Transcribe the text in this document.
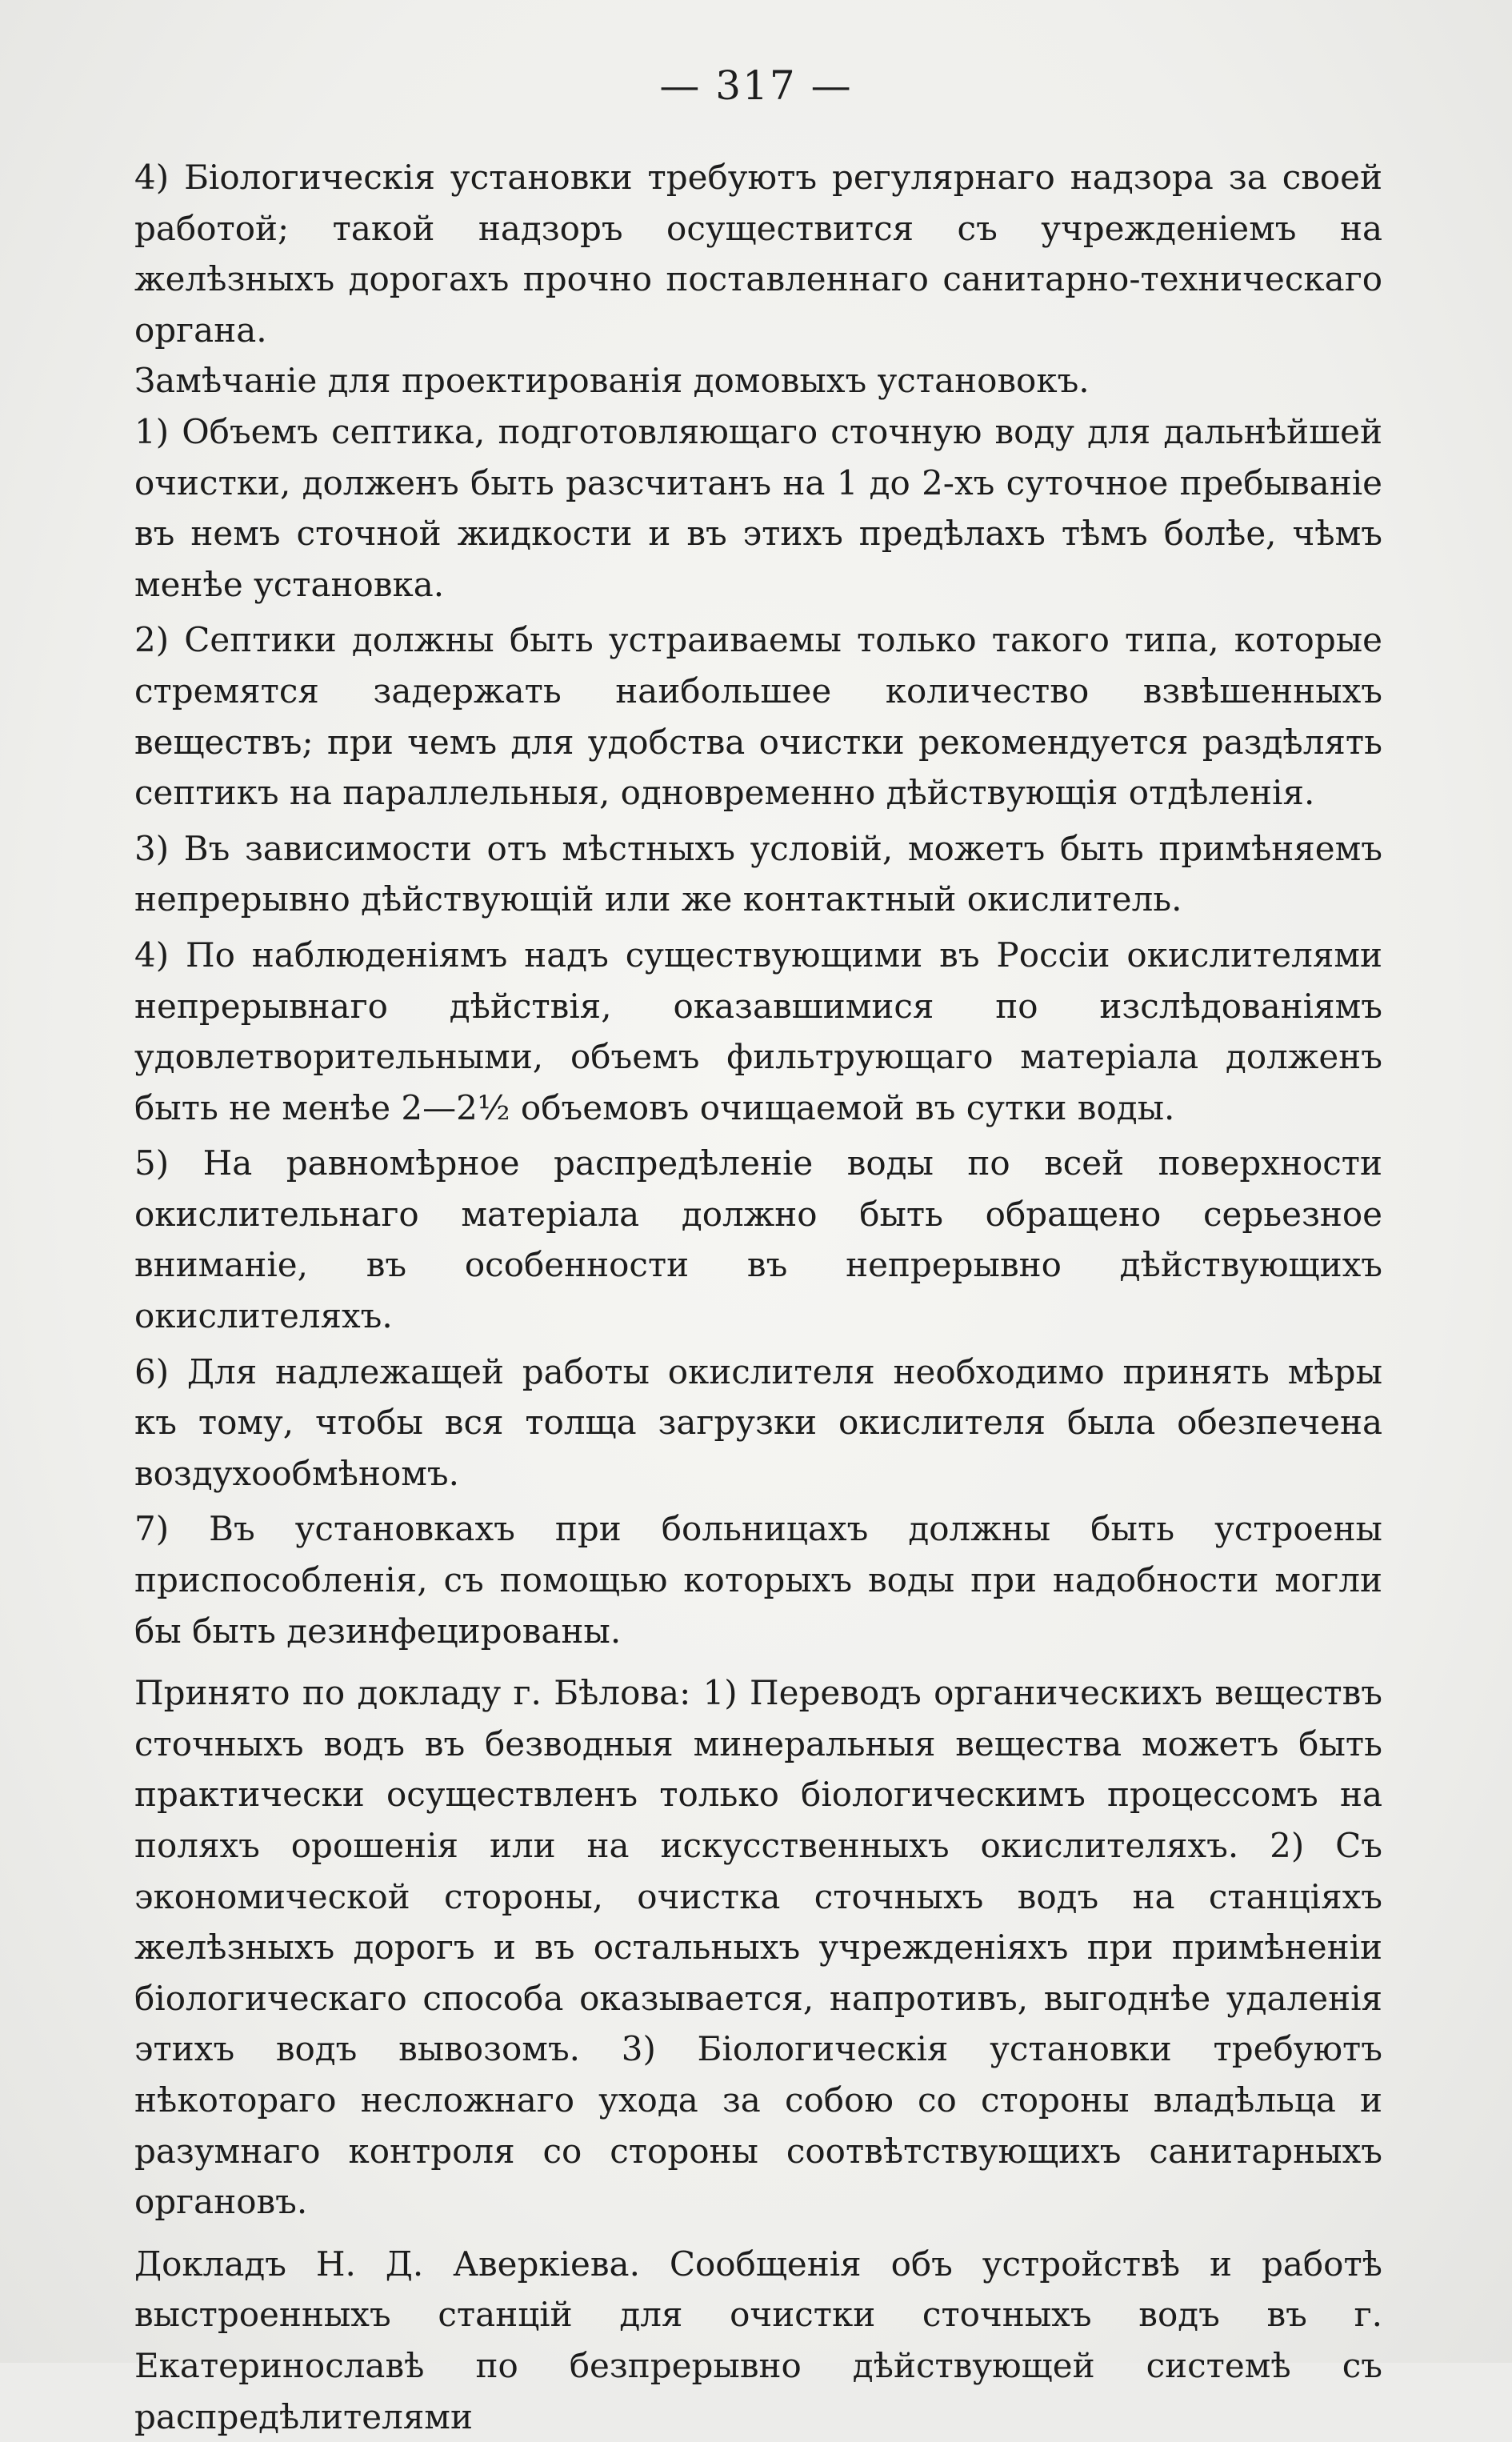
— 317 —

4) Біологическія установки требуютъ регулярнаго надзора за своей работой; такой надзоръ осуществится съ учрежденіемъ на желѣзныхъ дорогахъ прочно поставленнаго санитарно-техническаго органа.

Замѣчаніе для проектированія домовыхъ установокъ.

1) Объемъ септика, подготовляющаго сточную воду для дальнѣйшей очистки, долженъ быть разсчитанъ на 1 до 2-хъ суточное пребываніе въ немъ сточной жидкости и въ этихъ предѣлахъ тѣмъ болѣе, чѣмъ менѣе установка.

2) Септики должны быть устраиваемы только такого типа, которые стремятся задержать наибольшее количество взвѣшенныхъ веществъ; при чемъ для удобства очистки рекомендуется раздѣлять септикъ на параллельныя, одновременно дѣйствующія отдѣленія.

3) Въ зависимости отъ мѣстныхъ условій, можетъ быть примѣняемъ непрерывно дѣйствующій или же контактный окислитель.

4) По наблюденіямъ надъ существующими въ Россіи окислителями непрерывнаго дѣйствія, оказавшимися по изслѣдованіямъ удовлетворительными, объемъ фильтрующаго матеріала долженъ быть не менѣе 2—2½ объемовъ очищаемой въ сутки воды.

5) На равномѣрное распредѣленіе воды по всей поверхности окислительнаго матеріала должно быть обращено серьезное вниманіе, въ особенности въ непрерывно дѣйствующихъ окислителяхъ.

6) Для надлежащей работы окислителя необходимо принять мѣры къ тому, чтобы вся толща загрузки окислителя была обезпечена воздухообмѣномъ.

7) Въ установкахъ при больницахъ должны быть устроены приспособленія, съ помощью которыхъ воды при надобности могли бы быть дезинфецированы.

Принято по докладу г. Бѣлова: 1) Переводъ органическихъ веществъ сточныхъ водъ въ безводныя минеральныя вещества можетъ быть практически осуществленъ только біологическимъ процессомъ на поляхъ орошенія или на искусственныхъ окислителяхъ. 2) Съ экономической стороны, очистка сточныхъ водъ на станціяхъ желѣзныхъ дорогъ и въ остальныхъ учрежденіяхъ при примѣненіи біологическаго способа оказывается, напротивъ, выгоднѣе удаленія этихъ водъ вывозомъ. 3) Біологическія установки требуютъ нѣкотораго несложнаго ухода за собою со стороны владѣльца и разумнаго контроля со стороны соотвѣтствующихъ санитарныхъ органовъ.

Докладъ Н. Д. Аверкіева. Сообщенія объ устройствѣ и работѣ выстроенныхъ станцій для очистки сточныхъ водъ въ г. Екатеринославѣ по безпрерывно дѣйствующей системѣ съ распредѣлителями
